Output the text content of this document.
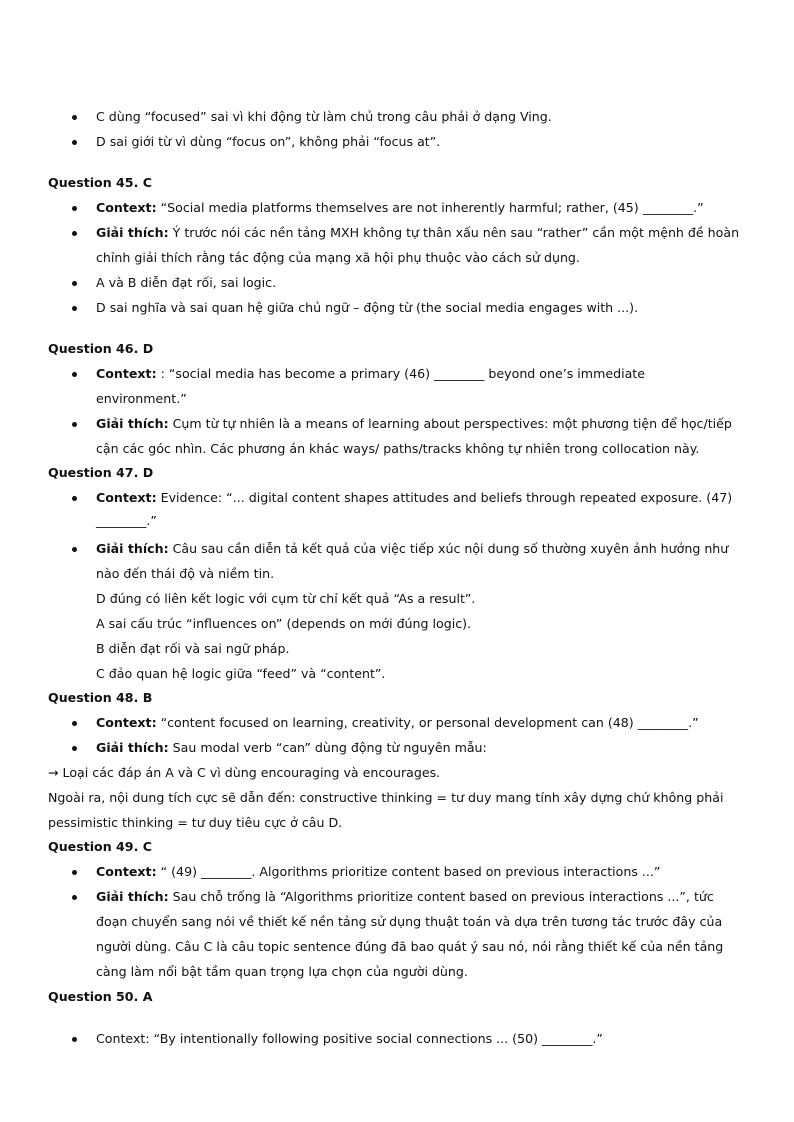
C dùng “focused” sai vì khi động từ làm chủ trong câu phải ở dạng Ving.
D sai giới từ vì dùng “focus on”, không phải “focus at”.
Question 45. C
Context: “Social media platforms themselves are not inherently harmful; rather, (45) ________.”
Giải thích: Ý trước nói các nền tảng MXH không tự thân xấu nên sau “rather” cần một mệnh đề hoàn
chỉnh giải thích rằng tác động của mạng xã hội phụ thuộc vào cách sử dụng.
A và B diễn đạt rối, sai logic.
D sai nghĩa và sai quan hệ giữa chủ ngữ – động từ (the social media engages with ...).
Question 46. D
Context: : “social media has become a primary (46) ________ beyond one’s immediate
environment.”
Giải thích: Cụm từ tự nhiên là a means of learning about perspectives: một phương tiện để học/tiếp
cận các góc nhìn. Các phương án khác ways/ paths/tracks không tự nhiên trong collocation này.
Question 47. D
Context: Evidence: “... digital content shapes attitudes and beliefs through repeated exposure. (47)
________.”
Giải thích: Câu sau cần diễn tả kết quả của việc tiếp xúc nội dung số thường xuyên ảnh hưởng như
nào đến thái độ và niềm tin.
D đúng có liên kết logic với cụm từ chỉ kết quả “As a result”.
A sai cấu trúc “influences on” (depends on mới đúng logic).
B diễn đạt rối và sai ngữ pháp.
C đảo quan hệ logic giữa “feed” và “content”.
Question 48. B
Context: “content focused on learning, creativity, or personal development can (48) ________.”
Giải thích: Sau modal verb “can” dùng động từ nguyên mẫu:
→ Loại các đáp án A và C vì dùng encouraging và encourages.
Ngoài ra, nội dung tích cực sẽ dẫn đến: constructive thinking = tư duy mang tính xây dựng chứ không phải
pessimistic thinking = tư duy tiêu cực ở câu D.
Question 49. C
Context: “ (49) ________. Algorithms prioritize content based on previous interactions ...”
Giải thích: Sau chỗ trống là “Algorithms prioritize content based on previous interactions ...”, tức
đoạn chuyển sang nói về thiết kế nền tảng sử dụng thuật toán và dựa trên tương tác trước đây của
người dùng. Câu C là câu topic sentence đúng đã bao quát ý sau nó, nói rằng thiết kế của nền tảng
càng làm nổi bật tầm quan trọng lựa chọn của người dùng.
Question 50. A
Context: “By intentionally following positive social connections ... (50) ________.”
